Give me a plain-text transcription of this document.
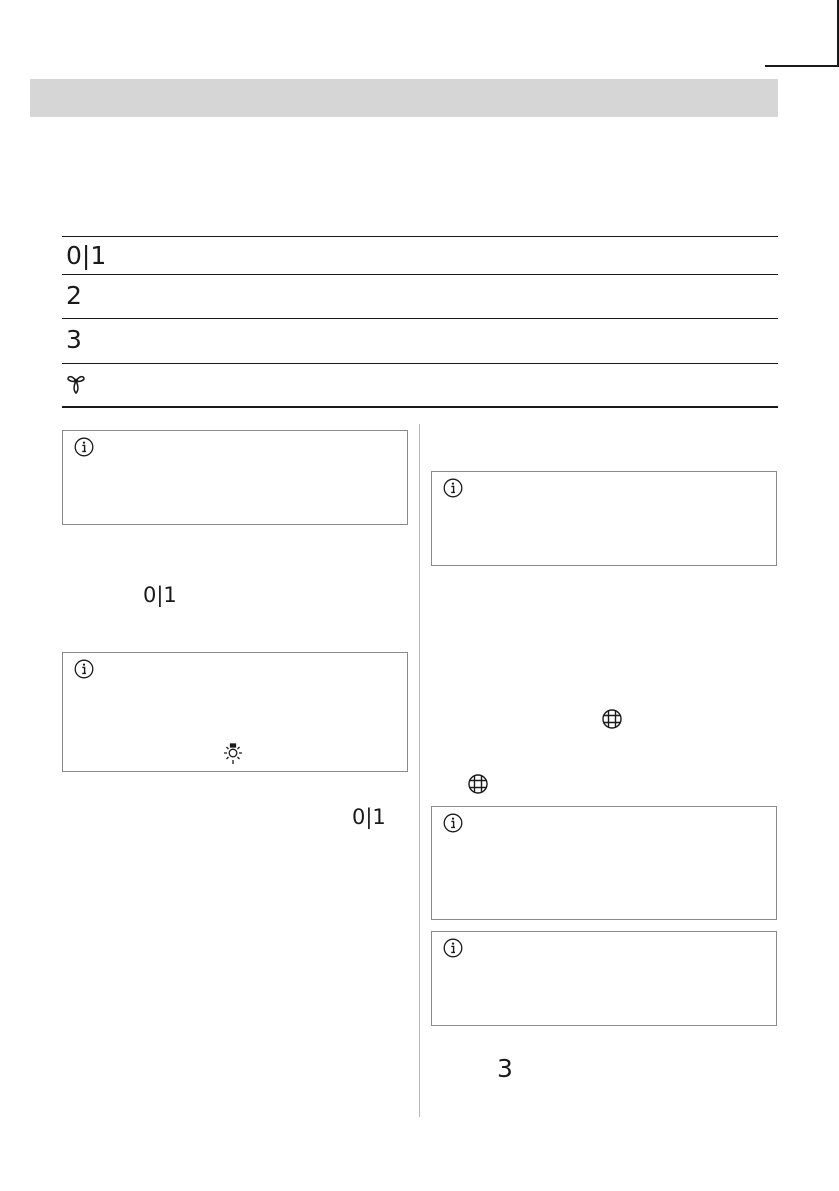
0|1
2
3
0|1
0|1
3
